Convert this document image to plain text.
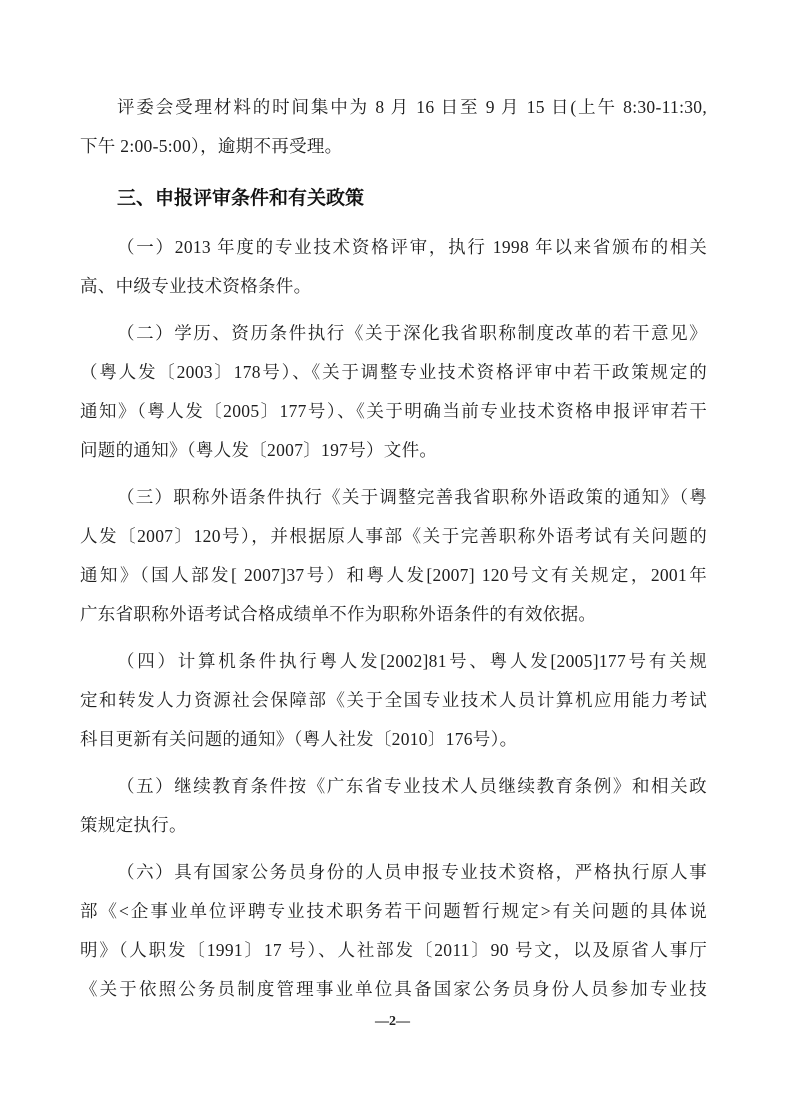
评委会受理材料的时间集中为 8 月 16 日至 9 月 15 日(上午 8:30-11:30,
下午 2:00-5:00），逾期不再受理。
三、申报评审条件和有关政策
（一）2013 年度的专业技术资格评审，执行 1998 年以来省颁布的相关
高、中级专业技术资格条件。
（二）学历、资历条件执行《关于深化我省职称制度改革的若干意见》
（粤人发〔2003〕178号）、《关于调整专业技术资格评审中若干政策规定的
通知》（粤人发〔2005〕177号）、《关于明确当前专业技术资格申报评审若干
问题的通知》（粤人发〔2007〕197号）文件。
（三）职称外语条件执行《关于调整完善我省职称外语政策的通知》（粤
人发〔2007〕120号），并根据原人事部《关于完善职称外语考试有关问题的
通知》（国人部发[ 2007]37号）和粤人发[2007] 120号文有关规定，2001年
广东省职称外语考试合格成绩单不作为职称外语条件的有效依据。
（四）计算机条件执行粤人发[2002]81号、粤人发[2005]177号有关规
定和转发人力资源社会保障部《关于全国专业技术人员计算机应用能力考试
科目更新有关问题的通知》（粤人社发〔2010〕176号）。
（五）继续教育条件按《广东省专业技术人员继续教育条例》和相关政
策规定执行。
（六）具有国家公务员身份的人员申报专业技术资格，严格执行原人事
部《<企事业单位评聘专业技术职务若干问题暂行规定>有关问题的具体说
明》（人职发〔1991〕17 号）、人社部发〔2011〕90 号文，以及原省人事厅
《关于依照公务员制度管理事业单位具备国家公务员身份人员参加专业技
—2—
